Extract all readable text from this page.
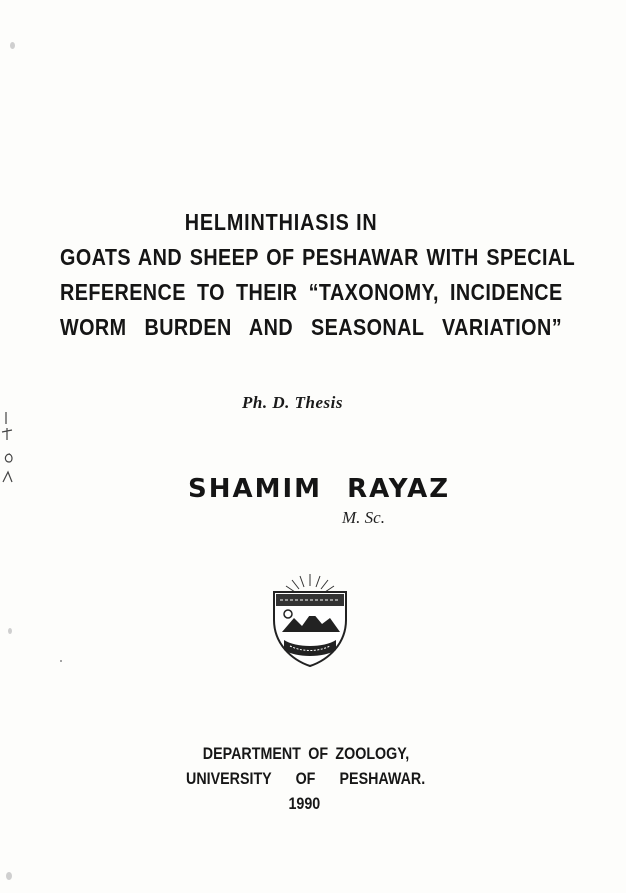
HELMINTHIASIS IN
GOATS AND SHEEP OF PESHAWAR WITH SPECIAL
REFERENCE TO THEIR “TAXONOMY, INCIDENCE
WORM BURDEN AND SEASONAL VARIATION”
Ph. D. Thesis
SHAMIM RAYAZ
M. Sc.
DEPARTMENT OF ZOOLOGY,
UNIVERSITY OF PESHAWAR.
1990
